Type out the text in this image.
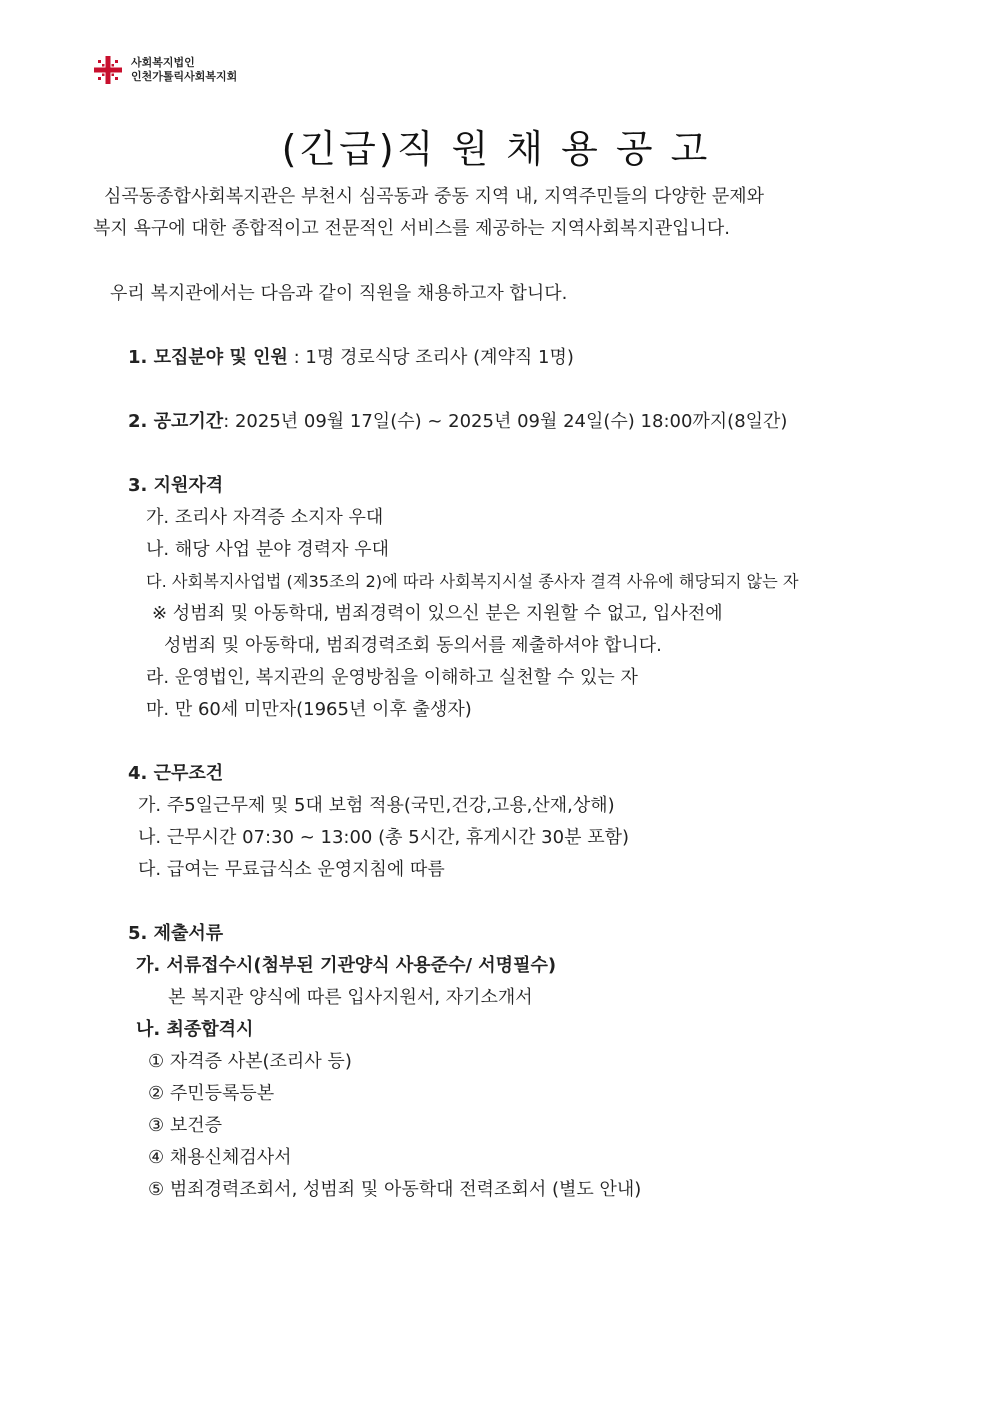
사회복지법인
인천가톨릭사회복지회
(긴급)직 원 채 용 공 고
심곡동종합사회복지관은 부천시 심곡동과 중동 지역 내, 지역주민들의 다양한 문제와
복지 욕구에 대한 종합적이고 전문적인 서비스를 제공하는 지역사회복지관입니다.
우리 복지관에서는 다음과 같이 직원을 채용하고자 합니다.
1. 모집분야 및 인원 : 1명 경로식당 조리사 (계약직 1명)
2. 공고기간: 2025년 09월 17일(수) ~ 2025년 09월 24일(수) 18:00까지(8일간)
3. 지원자격
가. 조리사 자격증 소지자 우대
나. 해당 사업 분야 경력자 우대
다. 사회복지사업법 (제35조의 2)에 따라 사회복지시설 종사자 결격 사유에 해당되지 않는 자
※ 성범죄 및 아동학대, 범죄경력이 있으신 분은 지원할 수 없고, 입사전에
성범죄 및 아동학대, 범죄경력조회 동의서를 제출하셔야 합니다.
라. 운영법인, 복지관의 운영방침을 이해하고 실천할 수 있는 자
마. 만 60세 미만자(1965년 이후 출생자)
4. 근무조건
가. 주5일근무제 및 5대 보험 적용(국민,건강,고용,산재,상해)
나. 근무시간 07:30 ~ 13:00 (총 5시간, 휴게시간 30분 포함)
다. 급여는 무료급식소 운영지침에 따름
5. 제출서류
가. 서류접수시(첨부된 기관양식 사용준수/ 서명필수)
본 복지관 양식에 따른 입사지원서, 자기소개서
나. 최종합격시
① 자격증 사본(조리사 등)
② 주민등록등본
③ 보건증
④ 채용신체검사서
⑤ 범죄경력조회서, 성범죄 및 아동학대 전력조회서 (별도 안내)
